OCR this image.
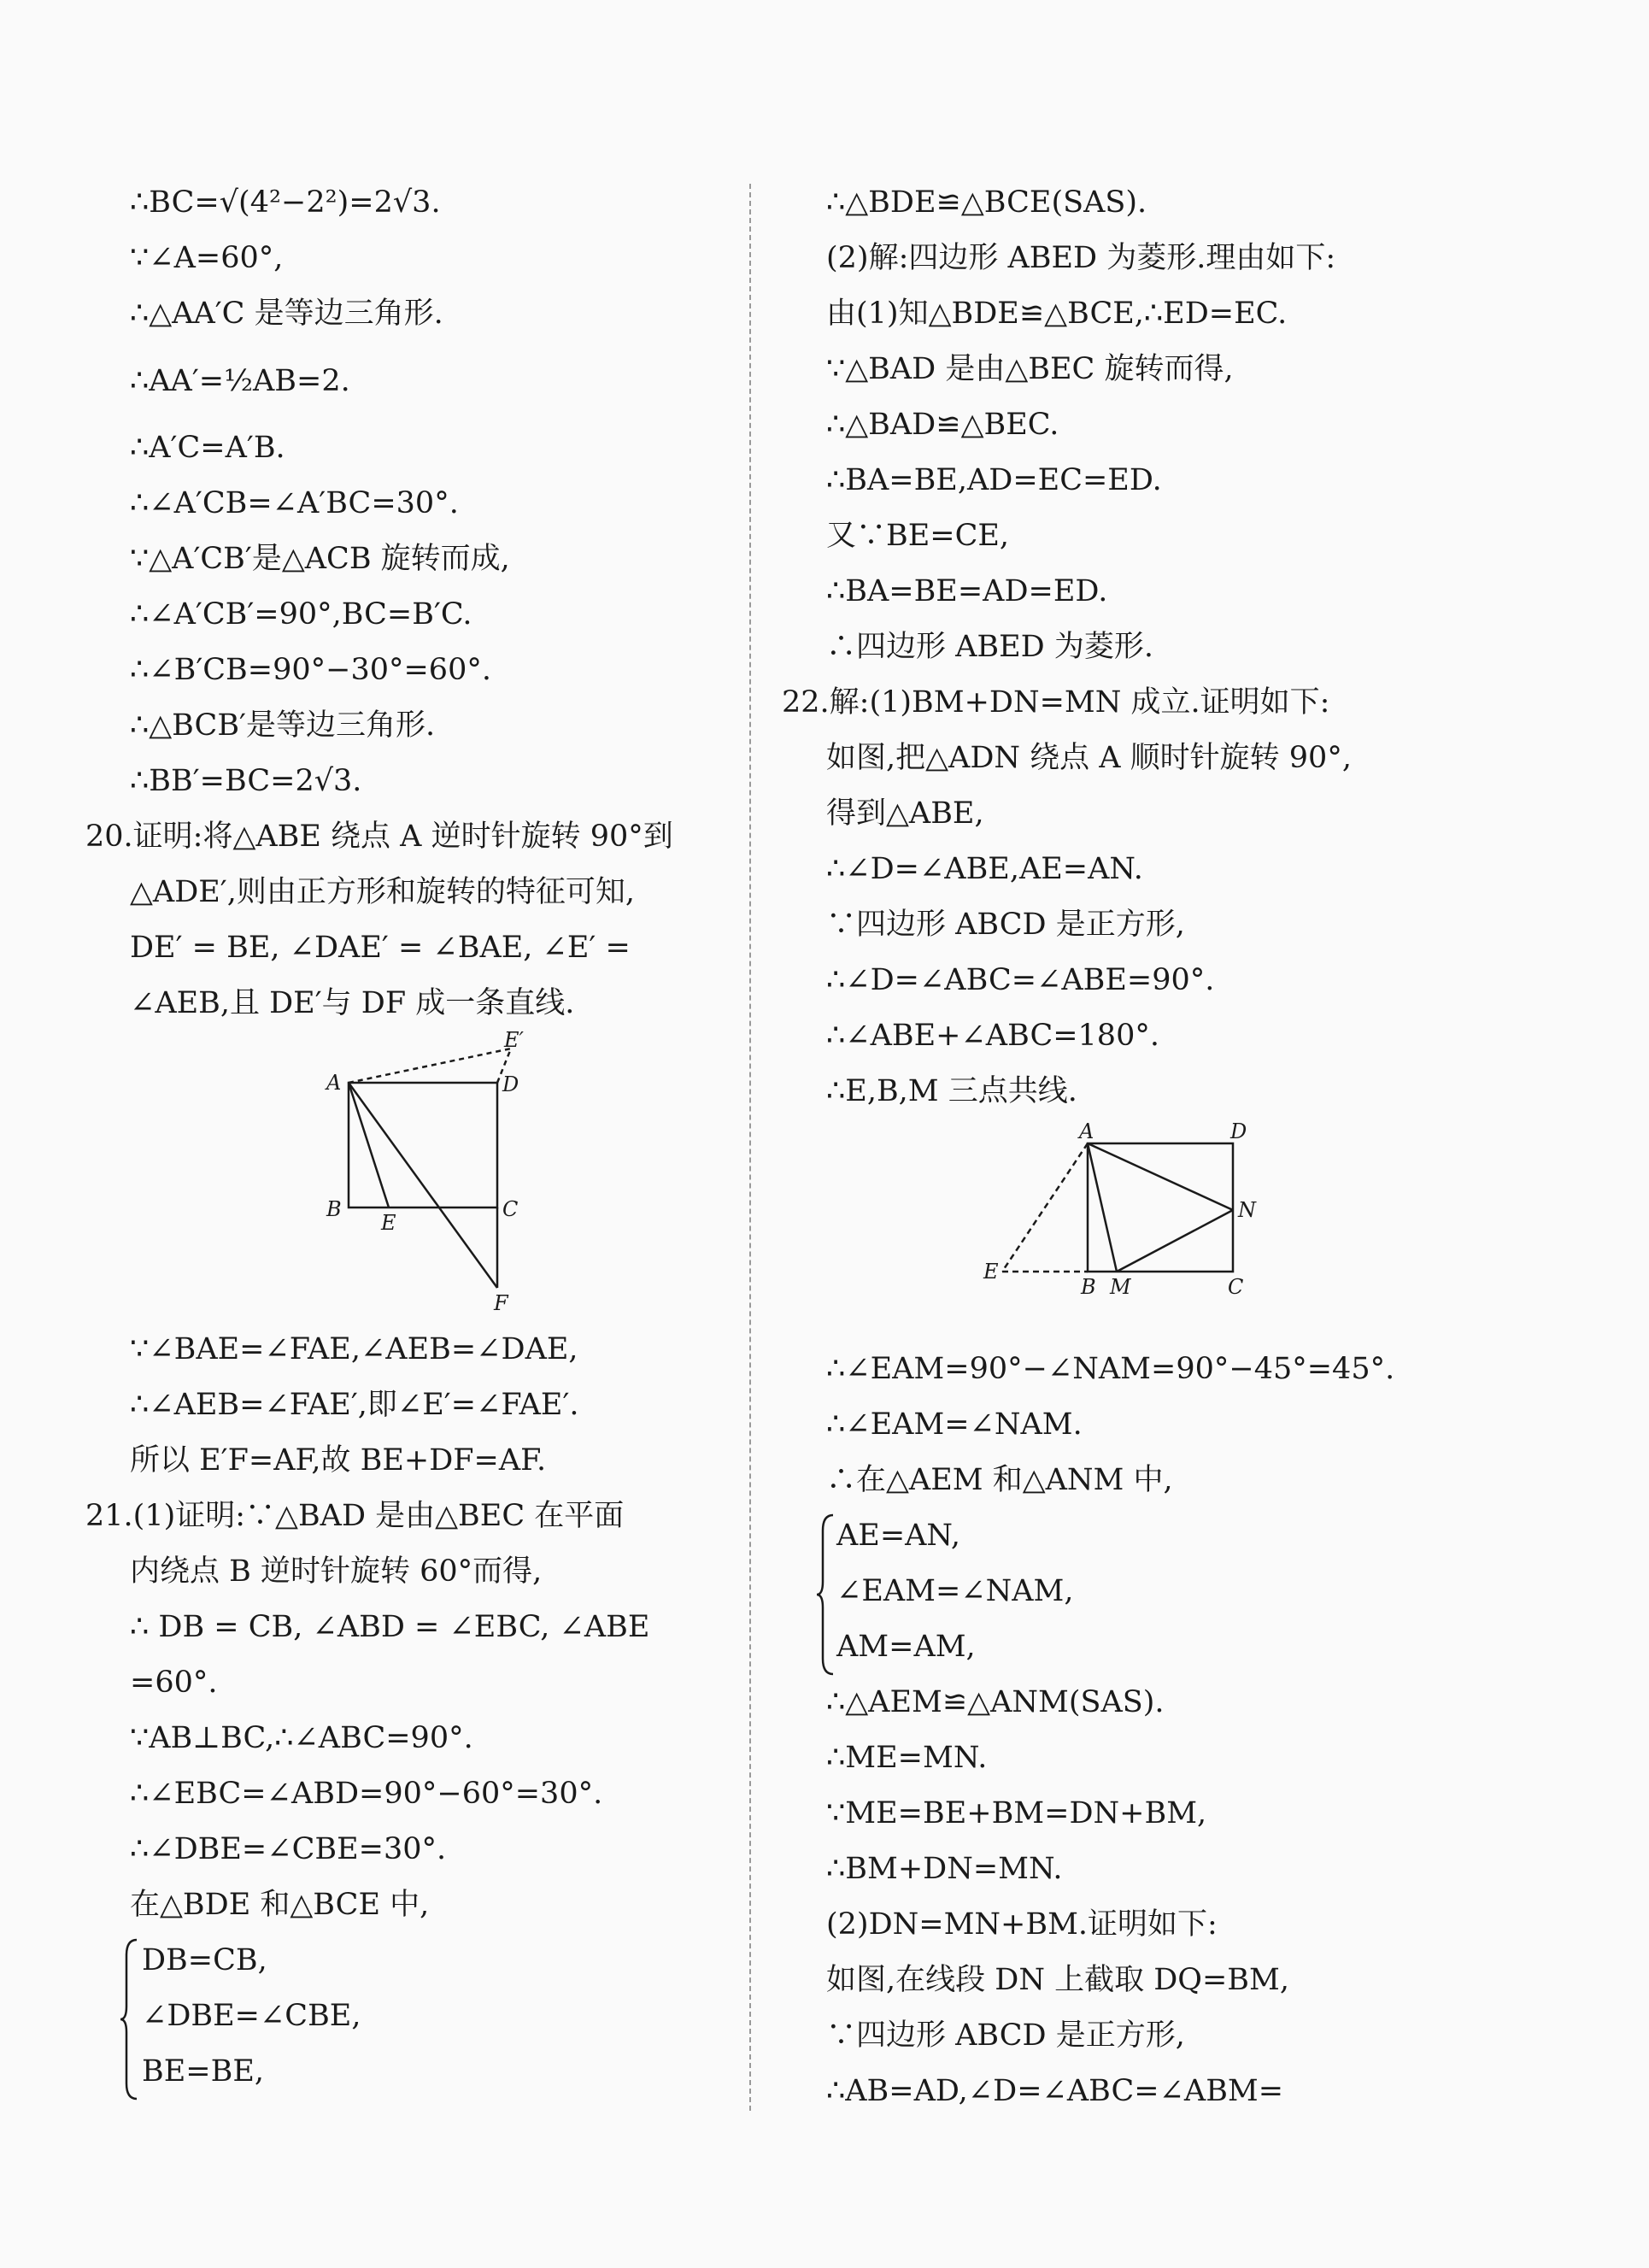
∴BC=√(4²−2²)=2√3.
∵∠A=60°,
∴△AA′C 是等边三角形.
∴AA′=½AB=2.
∴A′C=A′B.
∴∠A′CB=∠A′BC=30°.
∵△A′CB′是△ACB 旋转而成,
∴∠A′CB′=90°,BC=B′C.
∴∠B′CB=90°−30°=60°.
∴△BCB′是等边三角形.
∴BB′=BC=2√3.
20.证明:将△ABE 绕点 A 逆时针旋转 90°到
△ADE′,则由正方形和旋转的特征可知,
DE′ = BE, ∠DAE′ = ∠BAE, ∠E′ =
∠AEB,且 DE′与 DF 成一条直线.
A	D
E′
B
E
C
F
∵∠BAE=∠FAE,∠AEB=∠DAE,
∴∠AEB=∠FAE′,即∠E′=∠FAE′.
所以 E′F=AF,故 BE+DF=AF.
21.(1)证明:∵△BAD 是由△BEC 在平面
内绕点 B 逆时针旋转 60°而得,
∴ DB = CB, ∠ABD = ∠EBC, ∠ABE
=60°.
∵AB⊥BC,∴∠ABC=90°.
∴∠EBC=∠ABD=90°−60°=30°.
∴∠DBE=∠CBE=30°.
在△BDE 和△BCE 中,
DB=CB,
∠DBE=∠CBE,
BE=BE,
∴△BDE≌△BCE(SAS).
(2)解:四边形 ABED 为菱形.理由如下:
由(1)知△BDE≌△BCE,∴ED=EC.
∵△BAD 是由△BEC 旋转而得,
∴△BAD≌△BEC.
∴BA=BE,AD=EC=ED.
又∵BE=CE,
∴BA=BE=AD=ED.
∴四边形 ABED 为菱形.
22.解:(1)BM+DN=MN 成立.证明如下:
如图,把△ADN 绕点 A 顺时针旋转 90°,
得到△ABE,
∴∠D=∠ABE,AE=AN.
∵四边形 ABCD 是正方形,
∴∠D=∠ABC=∠ABE=90°.
∴∠ABE+∠ABC=180°.
∴E,B,M 三点共线.
A	D
N
E
B M	C
∴∠EAM=90°−∠NAM=90°−45°=45°.
∴∠EAM=∠NAM.
∴在△AEM 和△ANM 中,
AE=AN,
∠EAM=∠NAM,
AM=AM,
∴△AEM≌△ANM(SAS).
∴ME=MN.
∵ME=BE+BM=DN+BM,
∴BM+DN=MN.
(2)DN=MN+BM.证明如下:
如图,在线段 DN 上截取 DQ=BM,
∵四边形 ABCD 是正方形,
∴AB=AD,∠D=∠ABC=∠ABM=
